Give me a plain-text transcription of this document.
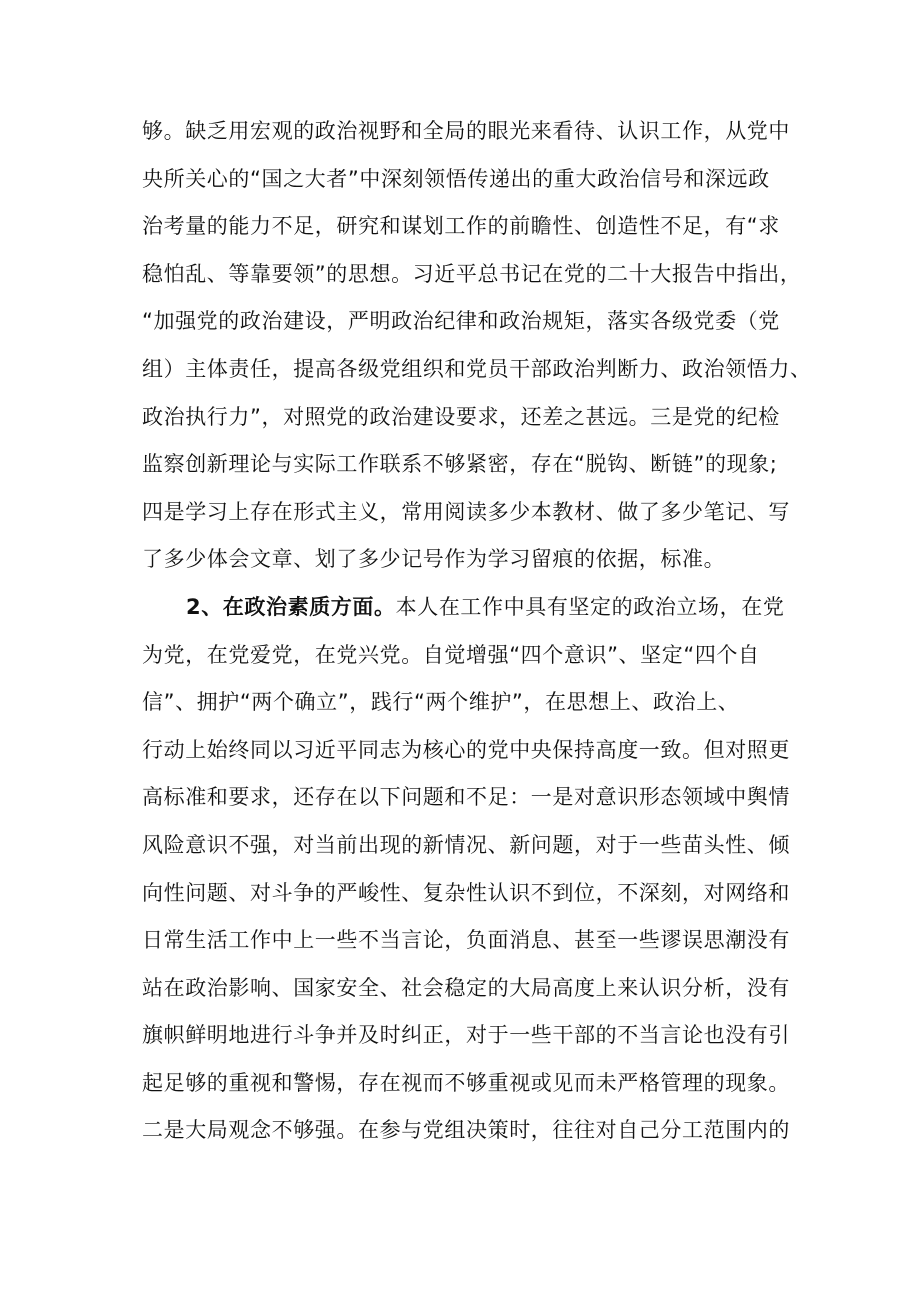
够。缺乏用宏观的政治视野和全局的眼光来看待、认识工作，从党中
央所关心的“国之大者”中深刻领悟传递出的重大政治信号和深远政
治考量的能力不足，研究和谋划工作的前瞻性、创造性不足，有“求
稳怕乱、等靠要领”的思想。习近平总书记在党的二十大报告中指出，
“加强党的政治建设，严明政治纪律和政治规矩，落实各级党委（党
组）主体责任，提高各级党组织和党员干部政治判断力、政治领悟力、
政治执行力”，对照党的政治建设要求，还差之甚远。三是党的纪检
监察创新理论与实际工作联系不够紧密，存在“脱钩、断链”的现象;
四是学习上存在形式主义，常用阅读多少本教材、做了多少笔记、写
了多少体会文章、划了多少记号作为学习留痕的依据，标准。
2、在政治素质方面。本人在工作中具有坚定的政治立场，在党
为党，在党爱党，在党兴党。自觉增强“四个意识”、坚定“四个自
信”、拥护“两个确立”，践行“两个维护”，在思想上、政治上、
行动上始终同以习近平同志为核心的党中央保持高度一致。但对照更
高标准和要求，还存在以下问题和不足：一是对意识形态领域中舆情
风险意识不强，对当前出现的新情况、新问题，对于一些苗头性、倾
向性问题、对斗争的严峻性、复杂性认识不到位，不深刻，对网络和
日常生活工作中上一些不当言论，负面消息、甚至一些谬误思潮没有
站在政治影响、国家安全、社会稳定的大局高度上来认识分析，没有
旗帜鲜明地进行斗争并及时纠正，对于一些干部的不当言论也没有引
起足够的重视和警惕，存在视而不够重视或见而未严格管理的现象。
二是大局观念不够强。在参与党组决策时，往往对自己分工范围内的
